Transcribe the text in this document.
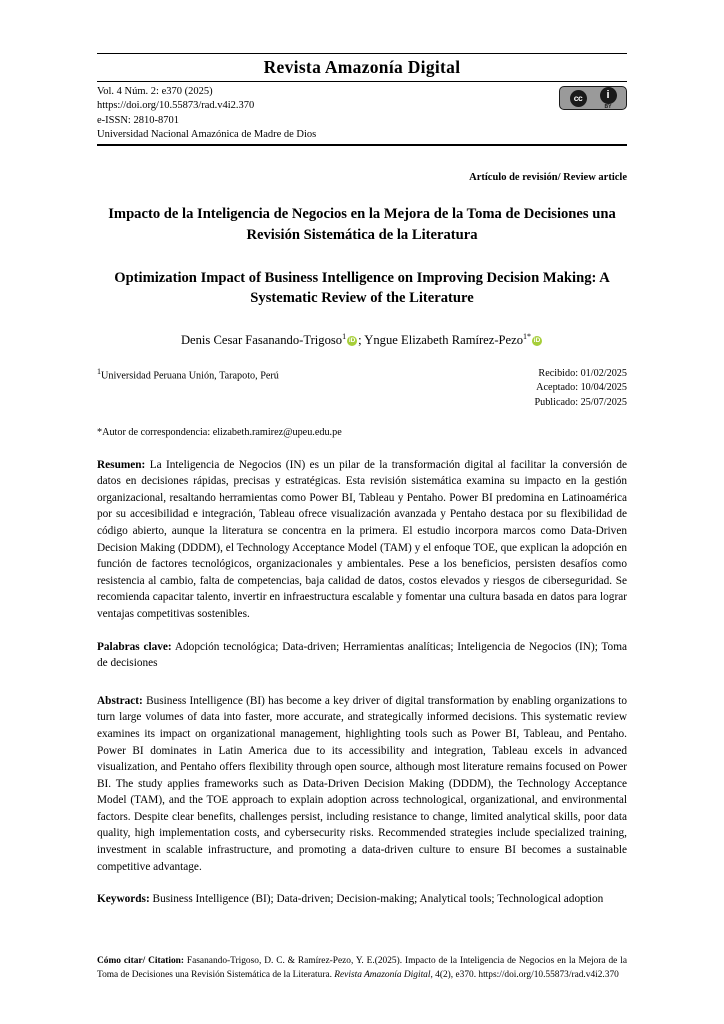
Revista Amazonía Digital
Vol. 4 Núm. 2: e370 (2025)
https://doi.org/10.55873/rad.v4i2.370
e-ISSN: 2810-8701
Universidad Nacional Amazónica de Madre de Dios
cc	i
BY
Artículo de revisión/ Review article
Impacto de la Inteligencia de Negocios en la Mejora de la Toma de Decisiones una Revisión Sistemática de la Literatura
Optimization Impact of Business Intelligence on Improving Decision Making: A Systematic Review of the Literature
Denis Cesar Fasanando-Trigoso$^1$ iD ; Yngue Elizabeth Ramírez-Pezo$^{1*}$ iD
$^1$Universidad Peruana Unión, Tarapoto, Perú	Recibido: 01/02/2025
Aceptado: 10/04/2025
Publicado: 25/07/2025
*Autor de correspondencia: elizabeth.ramirez@upeu.edu.pe
Resumen: La Inteligencia de Negocios (IN) es un pilar de la transformación digital al facilitar la conversión de datos en decisiones rápidas, precisas y estratégicas. Esta revisión sistemática examina su impacto en la gestión organizacional, resaltando herramientas como Power BI, Tableau y Pentaho. Power BI predomina en Latinoamérica por su accesibilidad e integración, Tableau ofrece visualización avanzada y Pentaho destaca por su flexibilidad de código abierto, aunque la literatura se concentra en la primera. El estudio incorpora marcos como Data-Driven Decision Making (DDDM), el Technology Acceptance Model (TAM) y el enfoque TOE, que explican la adopción en función de factores tecnológicos, organizacionales y ambientales. Pese a los beneficios, persisten desafíos como resistencia al cambio, falta de competencias, baja calidad de datos, costos elevados y riesgos de ciberseguridad. Se recomienda capacitar talento, invertir en infraestructura escalable y fomentar una cultura basada en datos para lograr ventajas competitivas sostenibles.
Palabras clave: Adopción tecnológica; Data-driven; Herramientas analíticas; Inteligencia de Negocios (IN); Toma de decisiones
Abstract: Business Intelligence (BI) has become a key driver of digital transformation by enabling organizations to turn large volumes of data into faster, more accurate, and strategically informed decisions. This systematic review examines its impact on organizational management, highlighting tools such as Power BI, Tableau, and Pentaho. Power BI dominates in Latin America due to its accessibility and integration, Tableau excels in advanced visualization, and Pentaho offers flexibility through open source, although most literature remains focused on Power BI. The study applies frameworks such as Data-Driven Decision Making (DDDM), the Technology Acceptance Model (TAM), and the TOE approach to explain adoption across technological, organizational, and environmental factors. Despite clear benefits, challenges persist, including resistance to change, limited analytical skills, poor data quality, high implementation costs, and cybersecurity risks. Recommended strategies include specialized training, investment in scalable infrastructure, and promoting a data-driven culture to ensure BI becomes a sustainable competitive advantage.
Keywords: Business Intelligence (BI); Data-driven; Decision-making; Analytical tools; Technological adoption
Cómo citar/ Citation: Fasanando-Trigoso, D. C. & Ramírez-Pezo, Y. E.(2025). Impacto de la Inteligencia de Negocios en la Mejora de la Toma de Decisiones una Revisión Sistemática de la Literatura. Revista Amazonía Digital, 4(2), e370. https://doi.org/10.55873/rad.v4i2.370
